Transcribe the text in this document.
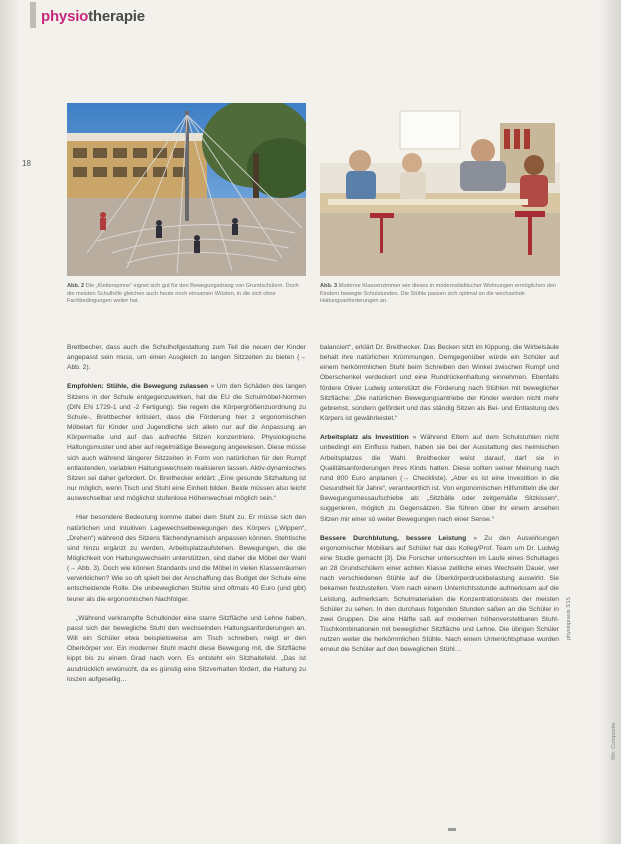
physiotherapie
18
Abb. 2 Die „Kletterspinne“ eignet sich gut für den Bewegungsdrang von Grundschülern. Doch die meisten Schulhöfe gleichen auch heute noch einsamen Wüsten, in die sich ohne Fachbedingungen weiter hat.
Abb. 3 Moderne Klassenzimmer wie dieses in modernstädtischer Wohnungen ermöglichen den Kindern bewegte Schulstunden. Die Stühle passen sich optimal an die wechselnde Haltungsanforderungen an.

Brettbecher, dass auch die Schulhofgestaltung zum Teil die neuen der Kinder angepasst sein muss, um einen Ausgleich zu langen Sitzzeiten zu bieten (→ Abb. 2).

Empfohlen: Stühle, die Bewegung zulassen » Um den Schäden des langen Sitzens in der Schule entgegenzuwirken, hat die EU die Schulmöbel-Normen (DIN EN 1729-1 und -2 Fertigung). Sie regeln die Körpergrößenzuordnung zu Schule-, Brettbecher kritisiert, dass die Förderung hier z ergonomischen Möbelart für Kinder und Jugendliche sich allein nur auf die Anpassung an Körpermaße und auf das aufrechte Sitzen konzentriere. Physiologische Haltungsmuster und aber auf regelmäßige Bewegung angewiesen. Diese müsse sich auch während längerer Sitzzeiten in Form von natürlichen für den Rumpf entlastenden, variablen Haltungswechseln realisieren lassen. Aktiv-dynamisches Sitzen sei daher gefordert. Dr. Breithecker erklärt: „Eine gesunde Sitzhaltung ist nur möglich, wenn Tisch und Stuhl eine Einheit bilden. Beide müssen also leicht auswechselbar und möglichst stufenlose Höhenwechsel möglich sein.“

Hier besondere Bedeutung komme dabei dem Stuhl zu. Er müsse sich den natürlichen und intuitiven Lagewechselbewegungen des Körpers („Wippen“, „Drehen“) während des Sitzens flächendynamisch anpassen können. Stehtische sind hinzu ergänzt zu werden, Arbeitsplatzaufstehen. Bewegungen, die die Möglichkeit von Haltungswechseln unterstützen, sind daher die Möbel der Wahl (→ Abb. 3). Doch wie können Standards und die Möbel in vielen Klassenräumen verwirklichen? Wie so oft spielt bei der Anschaffung das Budget der Schule eine entscheidende Rolle. Die unbeweglichen Stühle sind oftmals 40 Euro (und gibt) teurer als die ergonomischen Nachfolger.

„Während verkrampfte Schulkinder eine starre Sitzfläche und Lehne haben, passt sich der bewegliche Stuhl den wechselnden Haltungsanforderungen an. Will ein Schüler etwa beispielsweise am Tisch schreiben, neigt er den Oberkörper vor. Ein moderner Stuhl macht diese Bewegung mit, die Sitzfläche kippt bis zu einem Grad nach vorn. Es entsteht ein Sitzhaltefeld. „Das ist ausdrücklich erwünscht, da es günstig eine Sitzverhalten fördert, die Haltung zu loszen aufgesellig…

balanciert“, erklärt Dr. Breithecker. Das Becken sitzt im Kippung, die Wirbelsäule behalt ihre natürlichen Krümmungen. Demgegenüber würde ein Schüler auf einem herkömmlichen Stuhl beim Schreiben den Winkel zwischen Rumpf und Oberschenkel verdeckert und eine Rundrückenhaltung einnehmen. Ebenfalls fördere Oliver Ludwig unterstützt die Förderung nach Stühlen mit beweglicher Sitzfläche: „Die natürlichen Bewegungsantriebe der Kinder werden nicht mehr gebremst, sondern gefördert und das ständig Sitzen als Bei- und Entlastung des Körpers ist gewährleistet.“

Arbeitsplatz als Investition » Während Eltern auf dem Schulstuhlen nicht unbedingt ein Einfluss haben, haben sie bei der Ausstattung des heimischen Arbeitsplatzes die Wahl. Breithecker weist darauf, darf sie in Qualitätsanforderungen ihres Kinds hatten. Diese sollten seiner Meinung nach rund 800 Euro anplanen (→ Checkliste). „Aber es ist eine Investition in die Gesundheit für Jahre“, verantwortlich ist. Von ergonomischen Hilfsmitteln die der Bewegungsmessaufschiebe ab: „Sitzbälle oder zeitgemäße Sitzkissen“, suggerieren, möglich zu Gegensätzen. Sie führen über ihr einem ansehen Sitzen mir einer sö weiter Bewegungen nach einer Sense.“

Bessere Durchblutung, bessere Leistung » Zu den Auswirkungen ergonomischer Mobiliars auf Schüler hat das Kolleg/Prof. Team um Dr. Ludwig eine Studie gemacht [3]. Die Forscher untersuchten im Laufe eines Schultages an 28 Grundschülern einer achten Klasse zeitliche eines Wechseln Dauer, wer nach verschiedenen Stühle auf die Überkörperdruckbelastung auswirkt. Sie bekamen festzustellen. Vom nach einem Unterrichtsstunde aufmerksam auf die Leistung, aufmerksam. Schulmaterialien die Konzentrationstests der meisten Schüler zu sehen. In den durchaus folgenden Stunden saßen an die Schüler in zwei Gruppen. Die eine Hälfte saß auf modernen höhenverstellbaren Stuhl-Tischkombinationen mit beweglicher Sitzfläche und Lehne. Die übrigen Schüler nutzen weiter die herkömmlichen Stühle. Nach einem Unterrichtsphase wurden erneut die Schüler auf den beweglichen Stühl…

physiopraxis 3/15
Wir: Composite
